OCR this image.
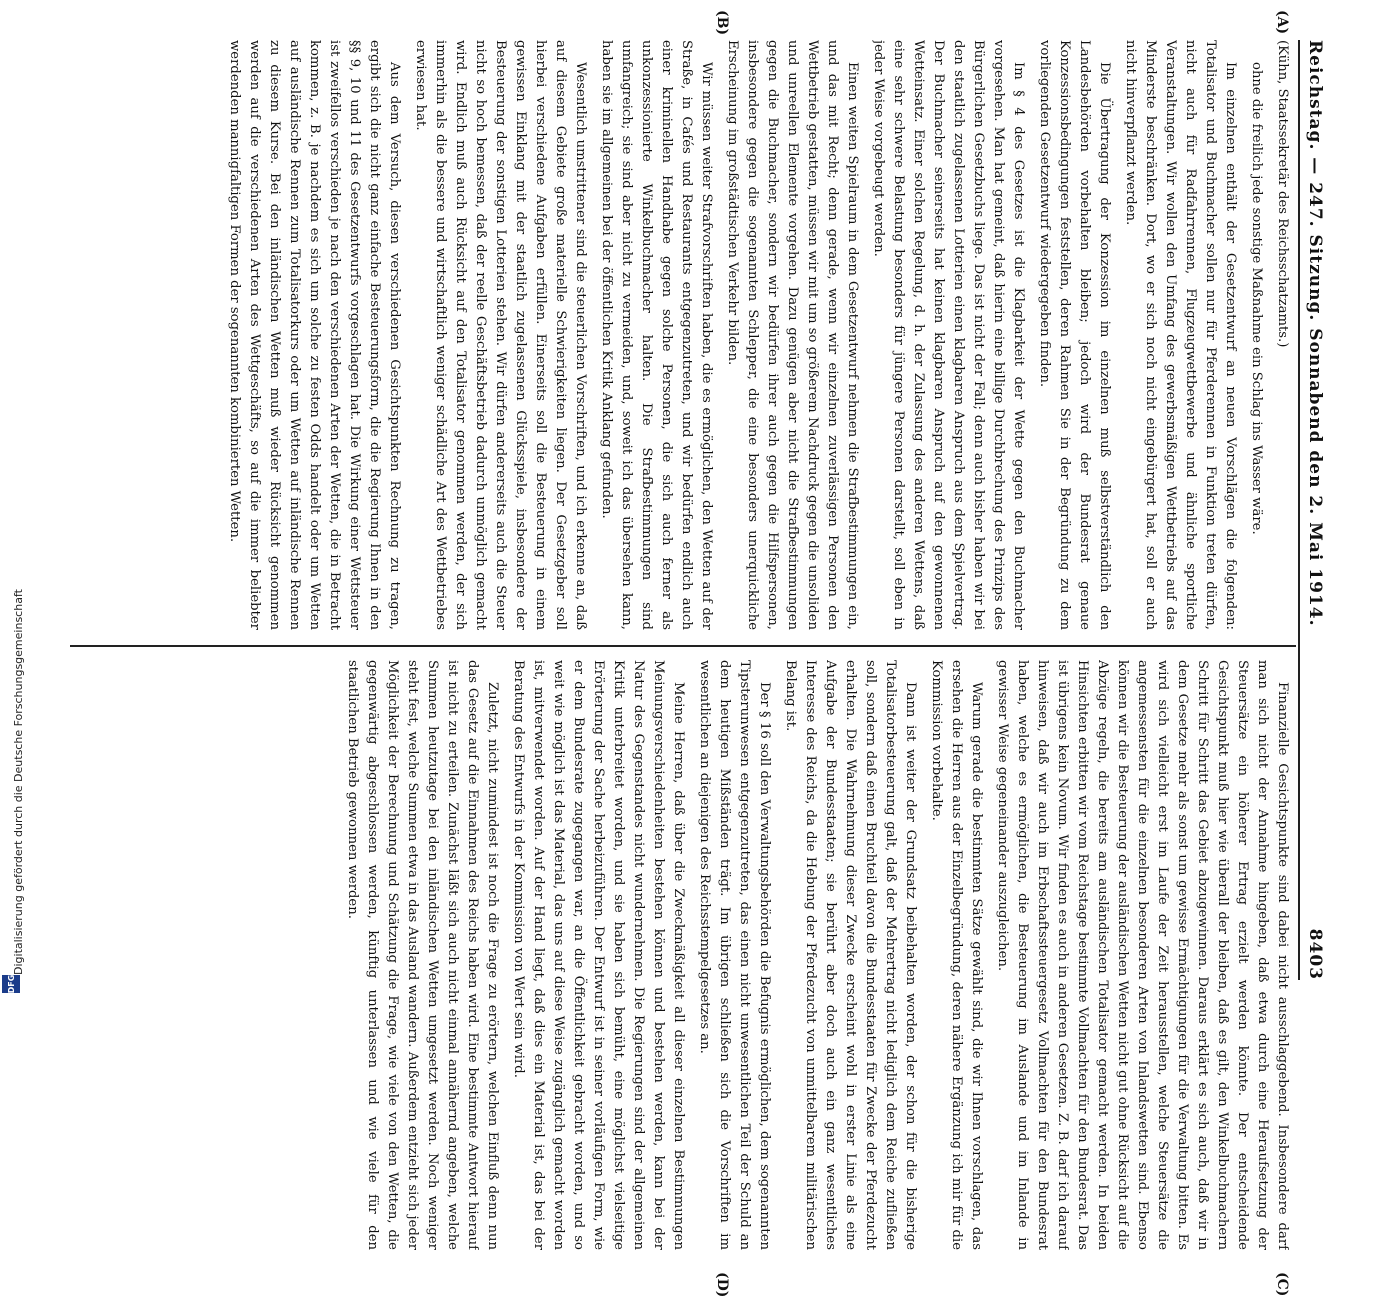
Reichstag. — 247. Sitzung. Sonnabend den 2. Mai 1914.
8403

(Kühn, Staatssekretär des Reichsschatzamts.)

ohne die freilich jede sonstige Maßnahme ein Schlag ins Wasser wäre.

Im einzelnen enthält der Gesetzentwurf an neuen Vorschlägen die folgenden: Totalisator und Buchmacher sollen nur für Pferderennen in Funktion treten dürfen, nicht auch für Radfahrrennen, Flugzeugwettbewerbe und ähnliche sportliche Veranstaltungen. Wir wollen den Umfang des gewerbsmäßigen Wettbetriebs auf das Minderste beschränken. Dort, wo er sich noch nicht eingebürgert hat, soll er auch nicht hinverpflanzt werden.

Die Übertragung der Konzession im einzelnen muß selbstverständlich den Landesbehörden vorbehalten bleiben; jedoch wird der Bundesrat genaue Konzessionsbedingungen feststellen, deren Rahmen Sie in der Begründung zu dem vorliegenden Gesetzentwurf wiedergegeben finden.

Im § 4 des Gesetzes ist die Klagbarkeit der Wette gegen den Buchmacher vorgesehen. Man hat gemeint, daß hierin eine billige Durchbrechung des Prinzips des Bürgerlichen Gesetzbuchs liege. Das ist nicht der Fall; denn auch bisher haben wir bei den staatlich zugelassenen Lotterien einen klagbaren Anspruch aus dem Spielvertrag. Der Buchmacher seinerseits hat keinen klagbaren Anspruch auf den gewonnenen Wetteinsatz. Einer solchen Regelung, d. h. der Zulassung des anderen Wettens, daß eine sehr schwere Belastung besonders für jüngere Personen darstellt, soll eben in jeder Weise vorgebeugt werden.

Einen weiten Spielraum in dem Gesetzentwurf nehmen die Strafbestimmungen ein, und das mit Recht; denn gerade, wenn wir einzelnen zuverlässigen Personen den Wettbetrieb gestatten, müssen wir mit um so größerem Nachdruck gegen die unsoliden und unreellen Elemente vorgehen. Dazu genügen aber nicht die Strafbestimmungen gegen die Buchmacher, sondern wir bedürfen ihrer auch gegen die Hilfspersonen, insbesondere gegen die sogenannten Schlepper, die eine besonders unerquickliche Erscheinung im großstädtischen Verkehr bilden.

Wir müssen weiter Strafvorschriften haben, die es ermöglichen, den Wetten auf der Straße, in Cafés und Restaurants entgegenzutreten, und wir bedürfen endlich auch einer kriminellen Handhabe gegen solche Personen, die sich auch ferner als unkonzessionierte Winkelbuchmacher halten. Die Strafbestimmungen sind umfangreich; sie sind aber nicht zu vermeiden, und, soweit ich das übersehen kann, haben sie im allgemeinen bei der öffentlichen Kritik Anklang gefunden.

Wesentlich umstrittener sind die steuerlichen Vorschriften, und ich erkenne an, daß auf diesem Gebiete große materielle Schwierigkeiten liegen. Der Gesetzgeber soll hierbei verschiedene Aufgaben erfüllen. Einerseits soll die Besteuerung in einem gewissen Einklang mit der staatlich zugelassenen Glücksspiele, insbesondere der Besteuerung der sonstigen Lotterien stehen. Wir dürfen andererseits auch die Steuer nicht so hoch bemessen, daß der reelle Geschäftsbetrieb dadurch unmöglich gemacht wird. Endlich muß auch Rücksicht auf den Totalisator genommen werden, der sich immerhin als die bessere und wirtschaftlich weniger schädliche Art des Wettbetriebes erwiesen hat.

Aus dem Versuch, diesen verschiedenen Gesichtspunkten Rechnung zu tragen, ergibt sich die nicht ganz einfache Besteuerungsform, die die Regierung Ihnen in den §§ 9, 10 und 11 des Gesetzentwurfs vorgeschlagen hat. Die Wirkung einer Wettsteuer ist zweifellos verschieden je nach den verschiedenen Arten der Wetten, die in Betracht kommen, z. B. je nachdem es sich um solche zu festen Odds handelt oder um Wetten auf ausländische Rennen zum Totalisatorkurs oder um Wetten auf inländische Rennen zu diesem Kurse. Bei den inländischen Wetten muß wieder Rücksicht genommen werden auf die verschiedenen Arten des Wettgeschäfts, so auf die immer beliebter werdenden mannigfaltigen Formen der sogenannten kombinierten Wetten.

Finanzielle Gesichtspunkte sind dabei nicht ausschlaggebend. Insbesondere darf man sich nicht der Annahme hingeben, daß etwa durch eine Heraufsetzung der Steuersätze ein höherer Ertrag erzielt werden könnte. Der entscheidende Gesichtspunkt muß hier wie überall der bleiben, daß es gilt, den Winkelbuchmachern Schritt für Schritt das Gebiet abzugewinnen. Daraus erklärt es sich auch, daß wir in dem Gesetze mehr als sonst um gewisse Ermächtigungen für die Verwaltung bitten. Es wird sich vielleicht erst im Laufe der Zeit herausstellen, welche Steuersätze die angemessensten für die einzelnen besonderen Arten von Inlandswetten sind. Ebenso können wir die Besteuerung der ausländischen Wetten nicht gut ohne Rücksicht auf die Abzüge regeln, die bereits am ausländischen Totalisator gemacht werden. In beiden Hinsichten erbitten wir vom Reichstage bestimmte Vollmachten für den Bundesrat. Das ist übrigens kein Novum. Wir finden es auch in anderen Gesetzen. Z. B. darf ich darauf hinweisen, daß wir auch im Erbschaftssteuergesetz Vollmachten für den Bundesrat haben, welche es ermöglichen, die Besteuerung im Auslande und im Inlande in gewisser Weise gegeneinander auszugleichen.

Warum gerade die bestimmten Sätze gewählt sind, die wir Ihnen vorschlagen, das ersehen die Herren aus der Einzelbegründung, deren nähere Ergänzung ich mir für die Kommission vorbehalte.

Dann ist weiter der Grundsatz beibehalten worden, der schon für die bisherige Totalisatorbesteuerung galt, daß der Mehrertrag nicht lediglich dem Reiche zufließen soll, sondern daß einen Bruchteil davon die Bundesstaaten für Zwecke der Pferdezucht erhalten. Die Wahrnehmung dieser Zwecke erscheint wohl in erster Linie als eine Aufgabe der Bundesstaaten; sie berührt aber doch auch ein ganz wesentliches Interesse des Reichs, da die Hebung der Pferdezucht von unmittelbarem militärischen Belang ist.

Der § 16 soll den Verwaltungsbehörden die Befugnis ermöglichen, dem sogenannten Tipsterunwesen entgegenzutreten, das einen nicht unwesentlichen Teil der Schuld an dem heutigen Mißständen trägt. Im übrigen schließen sich die Vorschriften im wesentlichen an diejenigen des Reichsstempelgesetzes an.

Meine Herren, daß über die Zweckmäßigkeit all dieser einzelnen Bestimmungen Meinungsverschiedenheiten bestehen können und bestehen werden, kann bei der Natur des Gegenstandes nicht wundernehmen. Die Regierungen sind der allgemeinen Kritik unterbreitet worden, und sie haben sich bemüht, eine möglichst vielseitige Erörterung der Sache herbeizuführen. Der Entwurf ist in seiner vorläufigen Form, wie er dem Bundesrate zugegangen war, an die Öffentlichkeit gebracht worden, und so weit wie möglich ist das Material, das uns auf diese Weise zugänglich gemacht worden ist, mitverwendet worden. Auf der Hand liegt, daß dies ein Material ist, das bei der Beratung des Entwurfs in der Kommission von Wert sein wird.

Zuletzt, nicht zumindest ist noch die Frage zu erörtern, welchen Einfluß denn nun das Gesetz auf die Einnahmen des Reichs haben wird. Eine bestimmte Antwort hierauf ist nicht zu erteilen. Zunächst läßt sich auch nicht einmal annähernd angeben, welche Summen heutzutage bei den inländischen Wetten umgesetzt werden. Noch weniger steht fest, welche Summen etwa in das Ausland wandern. Außerdem entzieht sich jeder Möglichkeit der Berechnung und Schätzung die Frage, wie viele von den Wetten, die gegenwärtig abgeschlossen werden, künftig unterlassen und wie viele für den staatlichen Betrieb gewonnen werden.

(A)
(B)
(C)
(D)
Digitalisierung gefördert durch die Deutsche Forschungsgemeinschaft
DFG
